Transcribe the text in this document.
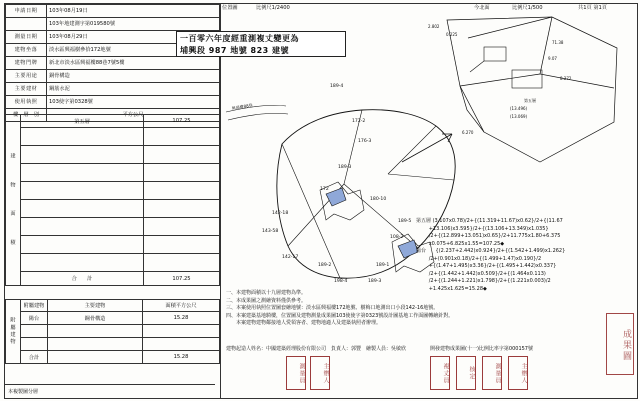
申請日期	103年08月19日
	103年地建測字第019580號
測量日期	103年08月29日
建物坐落	淡水區興福樹參拾172地號
建物門牌	新北市淡水區興福樓88巷7號5樓
主要用途	銅骨構造
主要建材	鋼筋水泥
使用執照	103使字第0328號
樓　層　別	平方公尺
建　　　物　　　面　　　積	第五層	107.25

	合　　計	107.25
附屬建物	附屬建物	主要建物	面積平方公尺
	陽台	鋼骨構造	15.28

	合計		15.28
本複製圖分層
位置圖	比例尺1/2400	今北面	比例尺1/500	共1頁 第1頁
第五層
(13.496)
(13.069)
6.270
8.272
9.07
71.38
2.802
0.225
興福樓88巷
189-4
172-2
176-3
189-3
172
142-18
143-58
142-17
180-10
108-2
189-1
198-4	189-3
189-2
189-5
一百零六年度經重測複丈變更為
埔興段 987 地號 823 建號
第五層 (3.107x0.78)/2+{(11.319+11.67)x0.62}/2+{(11.67
+13.106)x3.595}/2+{(13.106+13.349)x1.035}
/2+{(12.899+13.051)x0.65}/2+11.775x1.80+6.375
x0.075+6.825x1.55=107.25◆
陽台      {(2.237+2.442)x0.924}/2+{(1.542+1.499)x1.262}
/2+(0.901x0.18)/2+{(1.499+1.47)x0.190}/2
+{(1.47+1.495)x3.36}/2+{(1.495+1.442)x0.337}
/2+{(1.442+1.442)x0.509}/2+{(1.464x0.113)
/2+{(1.244+1.221)x1.798}/2+{(1.221x0.003)/2
+1.425x1.625=15.28◆
一、本建物面積以十九層建物為準。
二、本成果圖之測繪資料僅供參考。
三、本案使用執照位置圖套繪地號：淡水區興福樓172地號、樹梅口地測出口小段142-16地號。
四、本案建築基地騎樓，位置圖及建物測量成果圖103使使字第0323號設計圖基地工作面圖轉繪針對。
　　本案建物建物鄰接地人愛領客者、建物地適人及建築執照者辦理。
建物起造人姓名：中國建築經理股份有限公司　負責人：郭豐　繪製人員：吳敏欣	開發建物成果圖(十一)比例比率字第000157號
測量員	主辦人	複丈員	核定	測量員	主辦人
成果圖
